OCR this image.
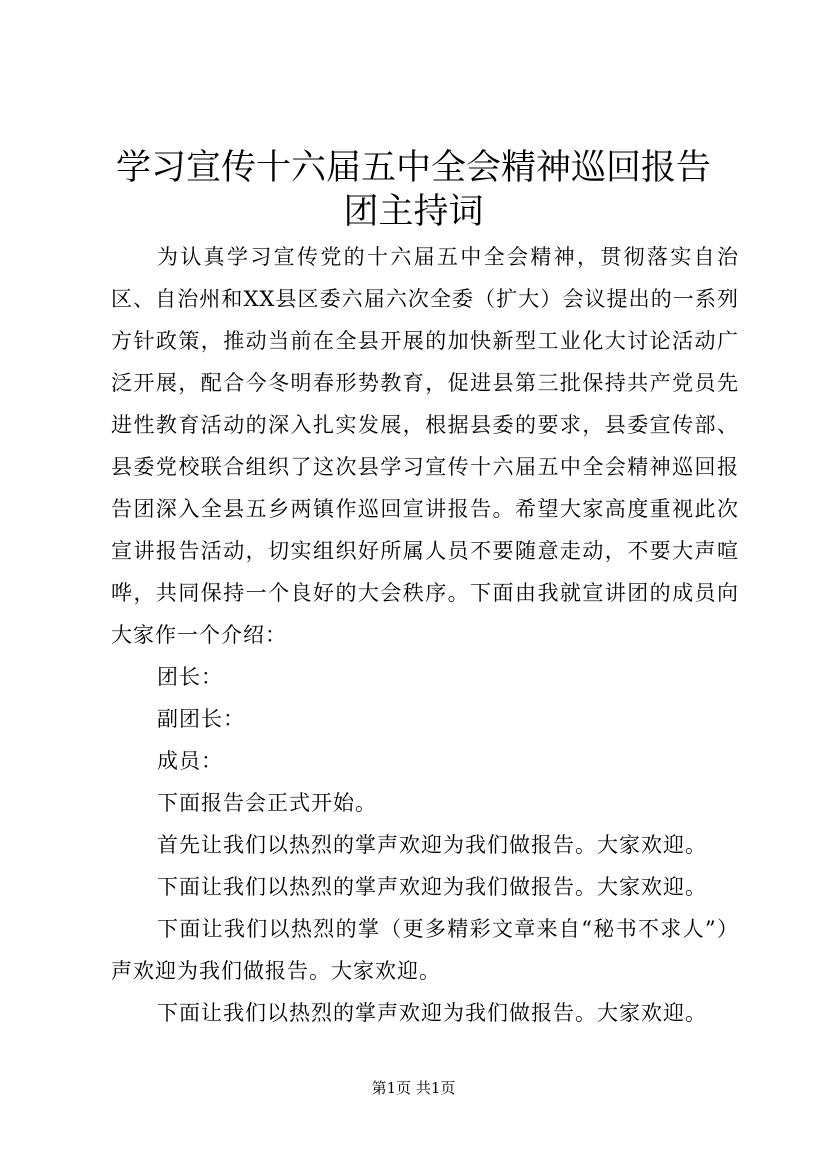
学习宣传十六届五中全会精神巡回报告团主持词

为认真学习宣传党的十六届五中全会精神，贯彻落实自治区、自治州和XX县区委六届六次全委（扩大）会议提出的一系列方针政策，推动当前在全县开展的加快新型工业化大讨论活动广泛开展，配合今冬明春形势教育，促进县第三批保持共产党员先进性教育活动的深入扎实发展，根据县委的要求，县委宣传部、县委党校联合组织了这次县学习宣传十六届五中全会精神巡回报告团深入全县五乡两镇作巡回宣讲报告。希望大家高度重视此次宣讲报告活动，切实组织好所属人员不要随意走动，不要大声喧哗，共同保持一个良好的大会秩序。下面由我就宣讲团的成员向大家作一个介绍：

团长：

副团长：

成员：

下面报告会正式开始。

首先让我们以热烈的掌声欢迎为我们做报告。大家欢迎。

下面让我们以热烈的掌声欢迎为我们做报告。大家欢迎。

下面让我们以热烈的掌（更多精彩文章来自“秘书不求人”）声欢迎为我们做报告。大家欢迎。

下面让我们以热烈的掌声欢迎为我们做报告。大家欢迎。

第1页 共1页
